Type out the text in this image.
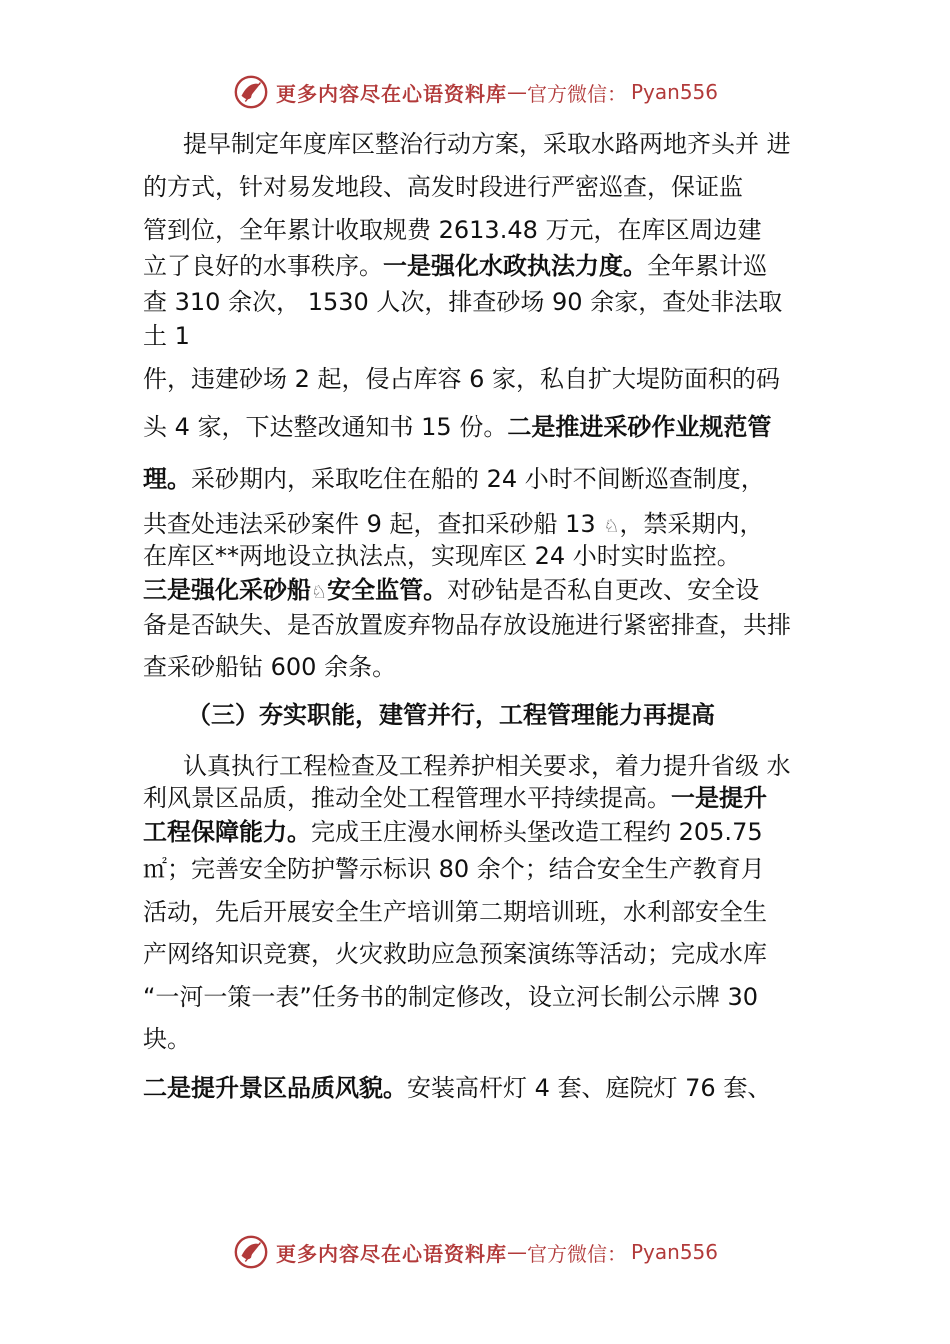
更多内容尽在心语资料库 — 官方微信： Pyan556
提早制定年度库区整治行动方案，采取水路两地齐头并 进
的方式，针对易发地段、高发时段进行严密巡查，保证监
管到位，全年累计收取规费 2613.48 万元，在库区周边建
立了良好的水事秩序。一是强化水政执法力度。全年累计巡
查 310 余次， 1530 人次，排查砂场 90 余家，查处非法取
土 1
件，违建砂场 2 起，侵占库容 6 家，私自扩大堤防面积的码
头 4 家，下达整改通知书 15 份。二是推进采砂作业规范管
理。采砂期内，采取吃住在船的 24 小时不间断巡查制度，
共查处违法采砂案件 9 起，查扣采砂船 13 ♘，禁采期内，
在库区**两地设立执法点，实现库区 24 小时实时监控。
三是强化采砂船♘安全监管。对砂钻是否私自更改、安全设
备是否缺失、是否放置废弃物品存放设施进行紧密排查，共排
查采砂船钻 600 余条。
（三）夯实职能，建管并行，工程管理能力再提高
认真执行工程检查及工程养护相关要求，着力提升省级 水
利风景区品质，推动全处工程管理水平持续提高。一是提升
工程保障能力。完成王庄漫水闸桥头堡改造工程约 205.75
㎡；完善安全防护警示标识 80 余个；结合安全生产教育月
活动，先后开展安全生产培训第二期培训班，水利部安全生
产网络知识竞赛，火灾救助应急预案演练等活动；完成水库
“一河一策一表”任务书的制定修改，设立河长制公示牌 30
块。
二是提升景区品质风貌。安装高杆灯 4 套、庭院灯 76 套、
更多内容尽在心语资料库 — 官方微信： Pyan556
